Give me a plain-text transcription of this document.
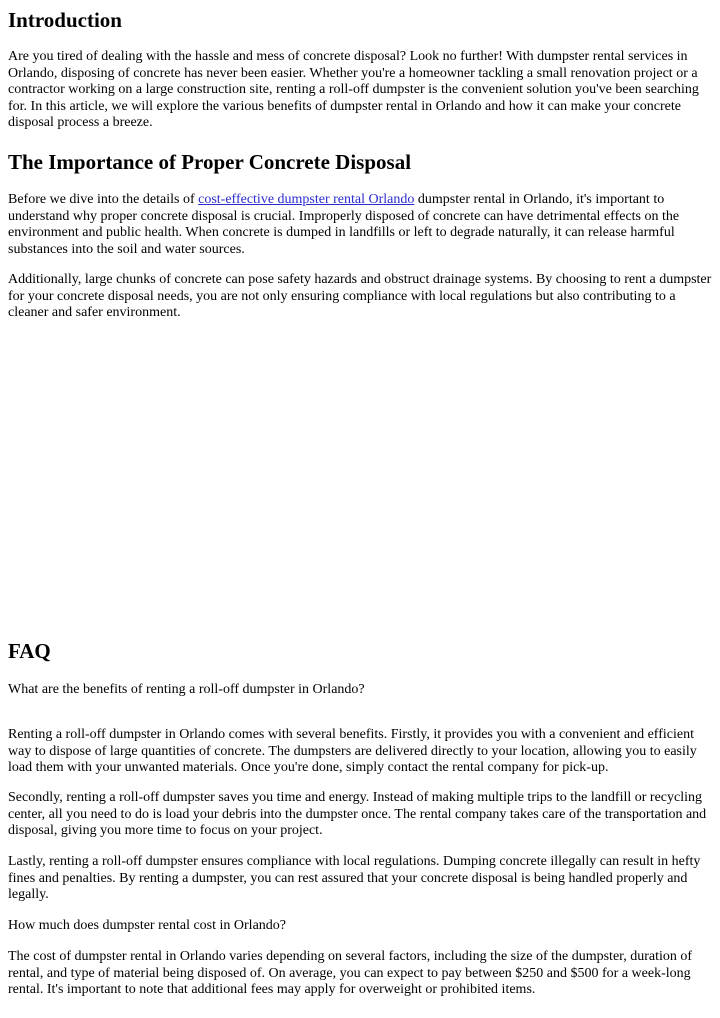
Introduction

Are you tired of dealing with the hassle and mess of concrete disposal? Look no further! With dumpster rental services in Orlando, disposing of concrete has never been easier. Whether you're a homeowner tackling a small renovation project or a contractor working on a large construction site, renting a roll-off dumpster is the convenient solution you've been searching for. In this article, we will explore the various benefits of dumpster rental in Orlando and how it can make your concrete disposal process a breeze.

The Importance of Proper Concrete Disposal

Before we dive into the details of cost-effective dumpster rental Orlando dumpster rental in Orlando, it's important to understand why proper concrete disposal is crucial. Improperly disposed of concrete can have detrimental effects on the environment and public health. When concrete is dumped in landfills or left to degrade naturally, it can release harmful substances into the soil and water sources.

Additionally, large chunks of concrete can pose safety hazards and obstruct drainage systems. By choosing to rent a dumpster for your concrete disposal needs, you are not only ensuring compliance with local regulations but also contributing to a cleaner and safer environment.

FAQ

What are the benefits of renting a roll-off dumpster in Orlando?

Renting a roll-off dumpster in Orlando comes with several benefits. Firstly, it provides you with a convenient and efficient way to dispose of large quantities of concrete. The dumpsters are delivered directly to your location, allowing you to easily load them with your unwanted materials. Once you're done, simply contact the rental company for pick-up.

Secondly, renting a roll-off dumpster saves you time and energy. Instead of making multiple trips to the landfill or recycling center, all you need to do is load your debris into the dumpster once. The rental company takes care of the transportation and disposal, giving you more time to focus on your project.

Lastly, renting a roll-off dumpster ensures compliance with local regulations. Dumping concrete illegally can result in hefty fines and penalties. By renting a dumpster, you can rest assured that your concrete disposal is being handled properly and legally.

How much does dumpster rental cost in Orlando?

The cost of dumpster rental in Orlando varies depending on several factors, including the size of the dumpster, duration of rental, and type of material being disposed of. On average, you can expect to pay between $250 and $500 for a week-long rental. It's important to note that additional fees may apply for overweight or prohibited items.
